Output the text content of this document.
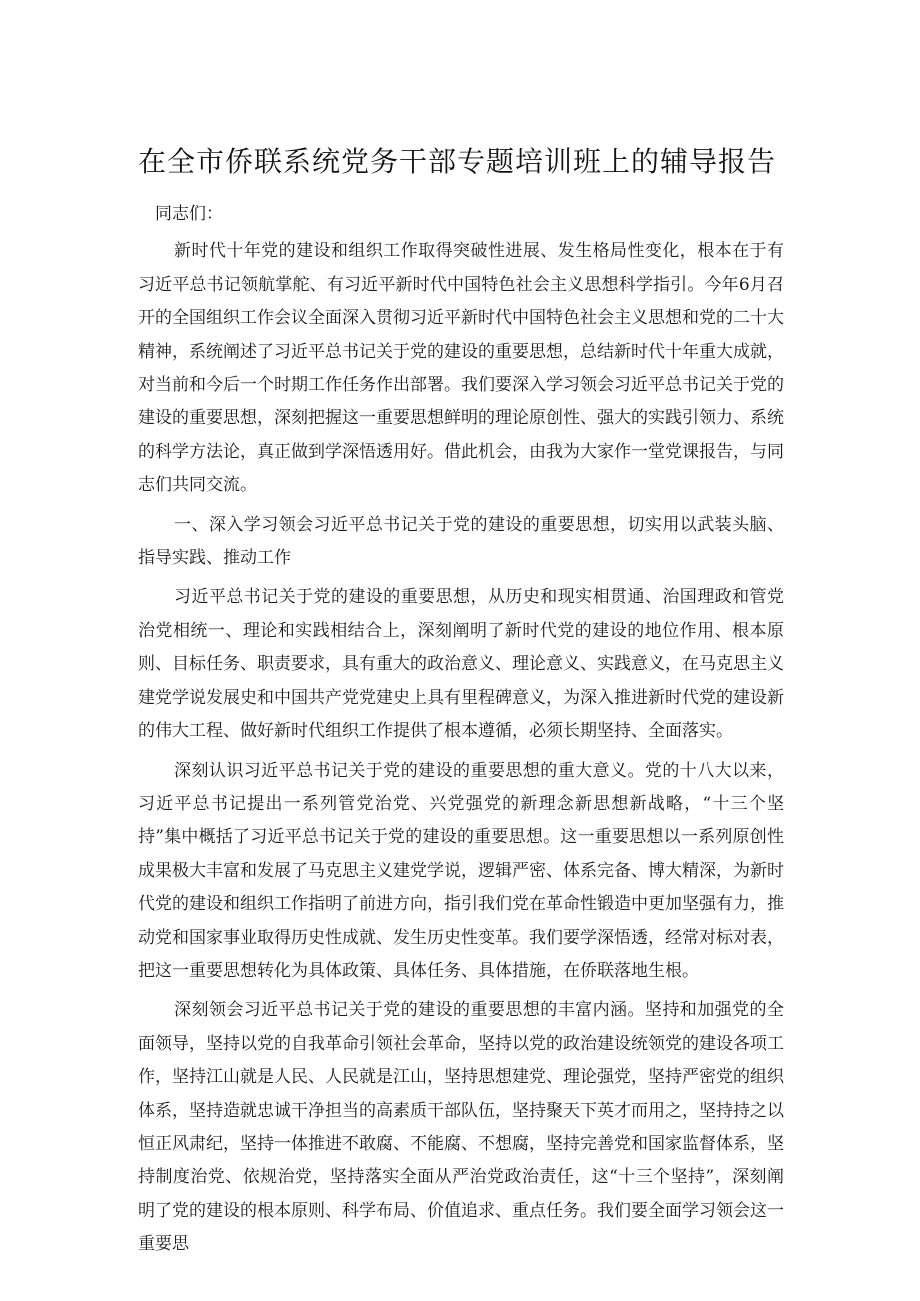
在全市侨联系统党务干部专题培训班上的辅导报告

同志们：

新时代十年党的建设和组织工作取得突破性进展、发生格局性变化，根本在于有习近平总书记领航掌舵、有习近平新时代中国特色社会主义思想科学指引。今年6月召开的全国组织工作会议全面深入贯彻习近平新时代中国特色社会主义思想和党的二十大精神，系统阐述了习近平总书记关于党的建设的重要思想，总结新时代十年重大成就，对当前和今后一个时期工作任务作出部署。我们要深入学习领会习近平总书记关于党的建设的重要思想，深刻把握这一重要思想鲜明的理论原创性、强大的实践引领力、系统的科学方法论，真正做到学深悟透用好。借此机会，由我为大家作一堂党课报告，与同志们共同交流。

一、深入学习领会习近平总书记关于党的建设的重要思想，切实用以武装头脑、指导实践、推动工作

习近平总书记关于党的建设的重要思想，从历史和现实相贯通、治国理政和管党治党相统一、理论和实践相结合上，深刻阐明了新时代党的建设的地位作用、根本原则、目标任务、职责要求，具有重大的政治意义、理论意义、实践意义，在马克思主义建党学说发展史和中国共产党党建史上具有里程碑意义，为深入推进新时代党的建设新的伟大工程、做好新时代组织工作提供了根本遵循，必须长期坚持、全面落实。

深刻认识习近平总书记关于党的建设的重要思想的重大意义。党的十八大以来，习近平总书记提出一系列管党治党、兴党强党的新理念新思想新战略，“十三个坚持”集中概括了习近平总书记关于党的建设的重要思想。这一重要思想以一系列原创性成果极大丰富和发展了马克思主义建党学说，逻辑严密、体系完备、博大精深，为新时代党的建设和组织工作指明了前进方向，指引我们党在革命性锻造中更加坚强有力，推动党和国家事业取得历史性成就、发生历史性变革。我们要学深悟透，经常对标对表，把这一重要思想转化为具体政策、具体任务、具体措施，在侨联落地生根。

深刻领会习近平总书记关于党的建设的重要思想的丰富内涵。坚持和加强党的全面领导，坚持以党的自我革命引领社会革命，坚持以党的政治建设统领党的建设各项工作，坚持江山就是人民、人民就是江山，坚持思想建党、理论强党，坚持严密党的组织体系，坚持造就忠诚干净担当的高素质干部队伍，坚持聚天下英才而用之，坚持持之以恒正风肃纪，坚持一体推进不敢腐、不能腐、不想腐，坚持完善党和国家监督体系，坚持制度治党、依规治党，坚持落实全面从严治党政治责任，这“十三个坚持”，深刻阐明了党的建设的根本原则、科学布局、价值追求、重点任务。我们要全面学习领会这一重要思
